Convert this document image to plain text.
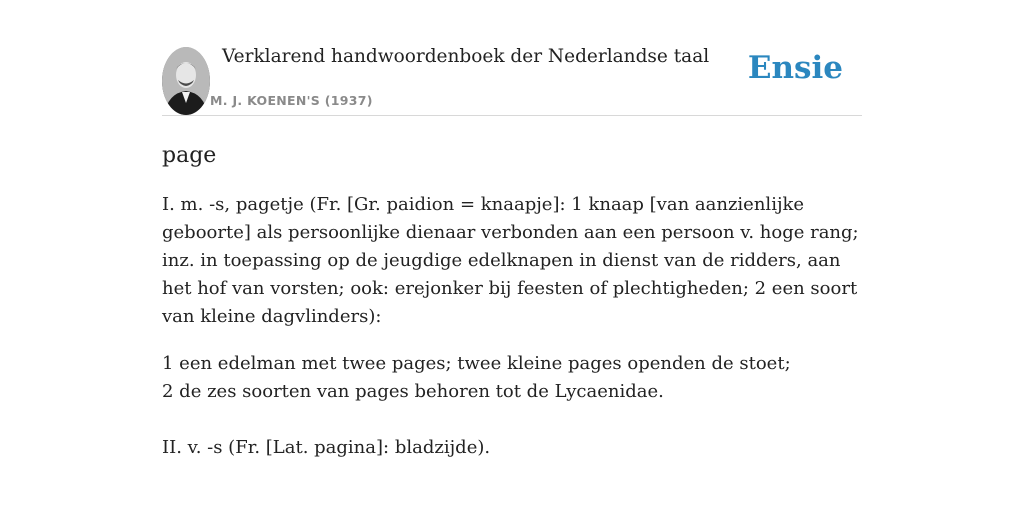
Verklarend handwoordenboek der Nederlandse taal
M. J. KOENEN'S (1937)
Ensie
page

I. m. -s, pagetje (Fr. [Gr. paidion = knaapje]: 1 knaap [van aanzienlijke geboorte] als persoonlijke dienaar verbonden aan een persoon v. hoge rang; inz. in toepassing op de jeugdige edelknapen in dienst van de ridders, aan het hof van vorsten; ook: erejonker bij feesten of plechtigheden; 2 een soort van kleine dagvlinders):

1 een edelman met twee pages; twee kleine pages openden de stoet;
2 de zes soorten van pages behoren tot de Lycaenidae.

II. v. -s (Fr. [Lat. pagina]: bladzijde).
